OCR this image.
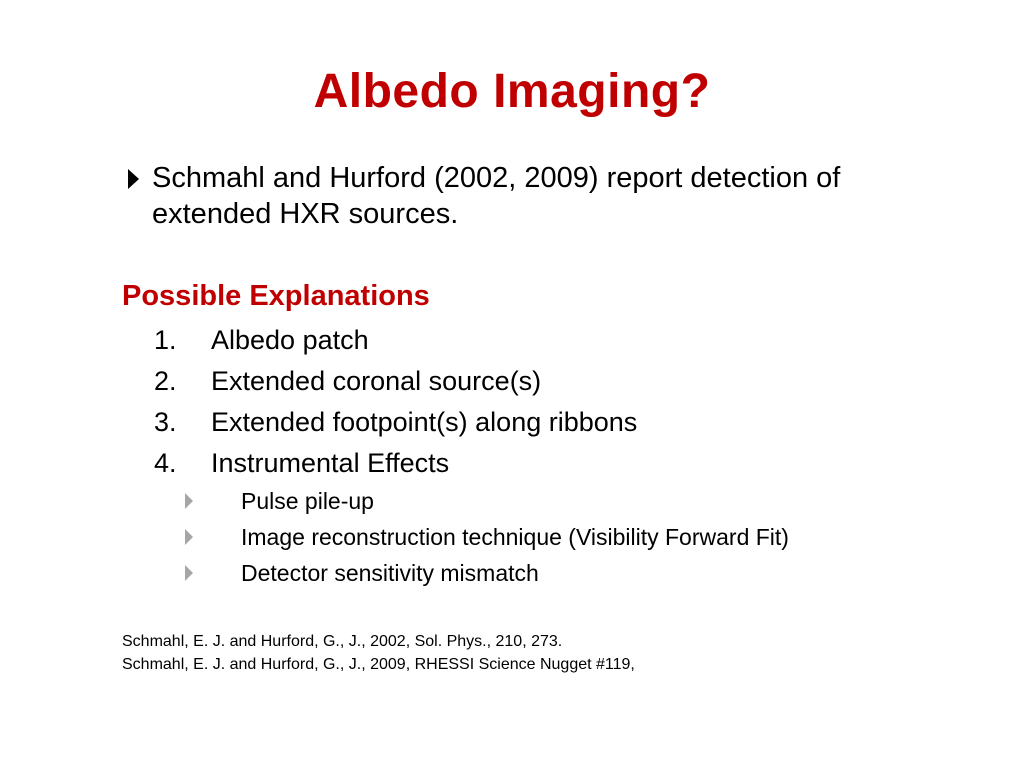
Albedo Imaging?
Schmahl and Hurford (2002, 2009) report detection of extended HXR sources.
Possible Explanations
1. Albedo patch
2. Extended coronal source(s)
3. Extended footpoint(s) along ribbons
4. Instrumental Effects
Pulse pile-up
Image reconstruction technique (Visibility Forward Fit)
Detector sensitivity mismatch
Schmahl, E. J. and Hurford, G., J., 2002, Sol. Phys., 210, 273.
Schmahl, E. J. and Hurford, G., J., 2009, RHESSI Science Nugget #119,
